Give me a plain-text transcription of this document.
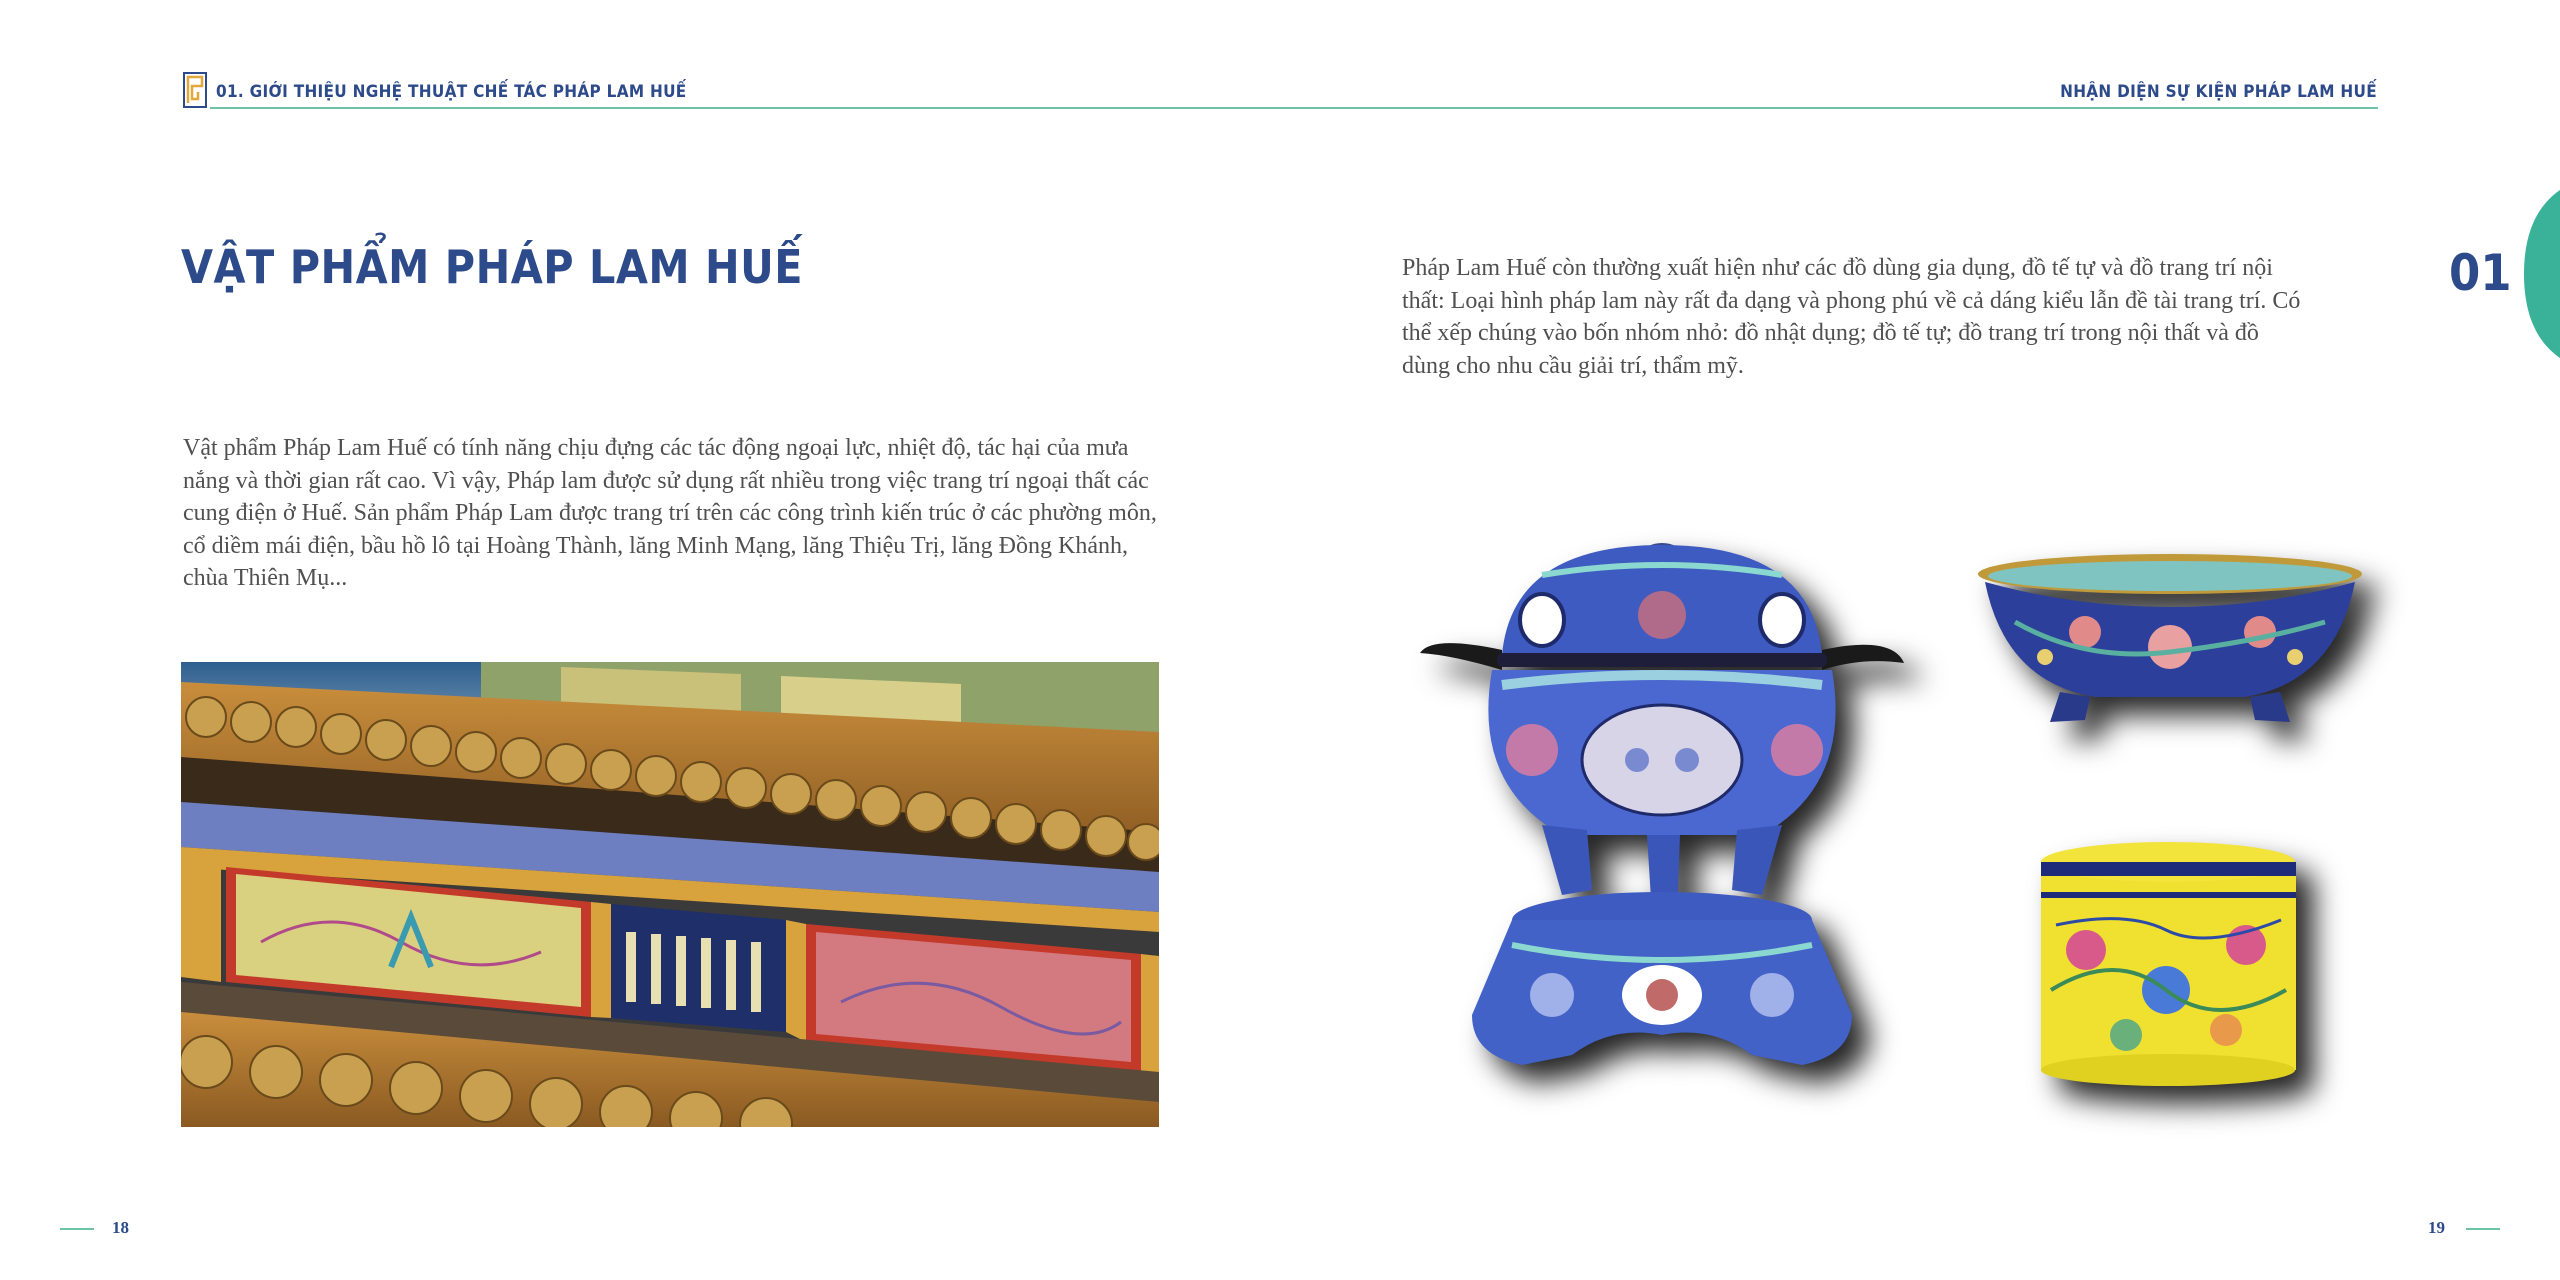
01. GIỚI THIỆU NGHỆ THUẬT CHẾ TÁC PHÁP LAM HUẾ	NHẬN DIỆN SỰ KIỆN PHÁP LAM HUẾ
VẬT PHẨM PHÁP LAM HUẾ
Vật phẩm Pháp Lam Huế có tính năng chịu đựng các tác động ngoại lực, nhiệt độ, tác hại của mưa nắng và thời gian rất cao. Vì vậy, Pháp lam được sử dụng rất nhiều trong việc trang trí ngoại thất các cung điện ở Huế. Sản phẩm Pháp Lam được trang trí trên các công trình kiến trúc ở các phường môn, cổ diềm mái điện, bầu hồ lô tại Hoàng Thành, lăng Minh Mạng, lăng Thiệu Trị, lăng Đồng Khánh, chùa Thiên Mụ...
18
Pháp Lam Huế còn thường xuất hiện như các đồ dùng gia dụng, đồ tế tự và đồ trang trí nội thất: Loại hình pháp lam này rất đa dạng và phong phú về cả dáng kiểu lẫn đề tài trang trí. Có thể xếp chúng vào bốn nhóm nhỏ: đồ nhật dụng; đồ tế tự; đồ trang trí trong nội thất và đồ dùng cho nhu cầu giải trí, thẩm mỹ.
01
19
